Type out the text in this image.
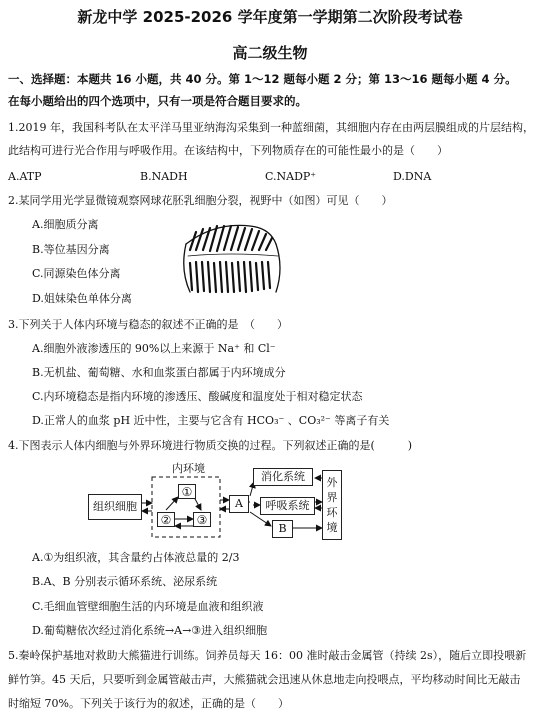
新龙中学 2025-2026 学年度第一学期第二次阶段考试卷
高二级生物
一、选择题：本题共 16 小题，共 40 分。第 1～12 题每小题 2 分；第 13～16 题每小题 4 分。
在每小题给出的四个选项中，只有一项是符合题目要求的。
1.2019 年，我国科考队在太平洋马里亚纳海沟采集到一种蓝细菌，其细胞内存在由两层膜组成的片层结构，
此结构可进行光合作用与呼吸作用。在该结构中，下列物质存在的可能性最小的是（　　）
A.ATP	B.NADH	C.NADP⁺	D.DNA
2.某同学用光学显微镜观察网球花胚乳细胞分裂，视野中（如图）可见（　　）
A.细胞质分离
B.等位基因分离
C.同源染色体分离
D.姐妹染色单体分离
3.下列关于人体内环境与稳态的叙述不正确的是　（　　）
A.细胞外液渗透压的 90%以上来源于 Na⁺ 和 Cl⁻
B.无机盐、葡萄糖、水和血浆蛋白都属于内环境成分
C.内环境稳态是指内环境的渗透压、酸碱度和温度处于相对稳定状态
D.正常人的血浆 pH 近中性，主要与它含有 HCO₃⁻ 、CO₃²⁻ 等离子有关
4.下图表示人体内细胞与外界环境进行物质交换的过程。下列叙述正确的是(　　　)
组织细胞
内环境
①
②	③
A
消化系统
呼吸系统
B
外
界
环
境
A.①为组织液，其含量约占体液总量的 2/3
B.A、B 分别表示循环系统、泌尿系统
C.毛细血管壁细胞生活的内环境是血液和组织液
D.葡萄糖依次经过消化系统→A→③进入组织细胞
5.秦岭保护基地对救助大熊猫进行训练。饲养员每天 16：00 准时敲击金属管（持续 2s），随后立即投喂新
鲜竹笋。45 天后，只要听到金属管敲击声，大熊猫就会迅速从休息地走向投喂点，平均移动时间比无敲击
时缩短 70%。下列关于该行为的叙述，正确的是（　　）
